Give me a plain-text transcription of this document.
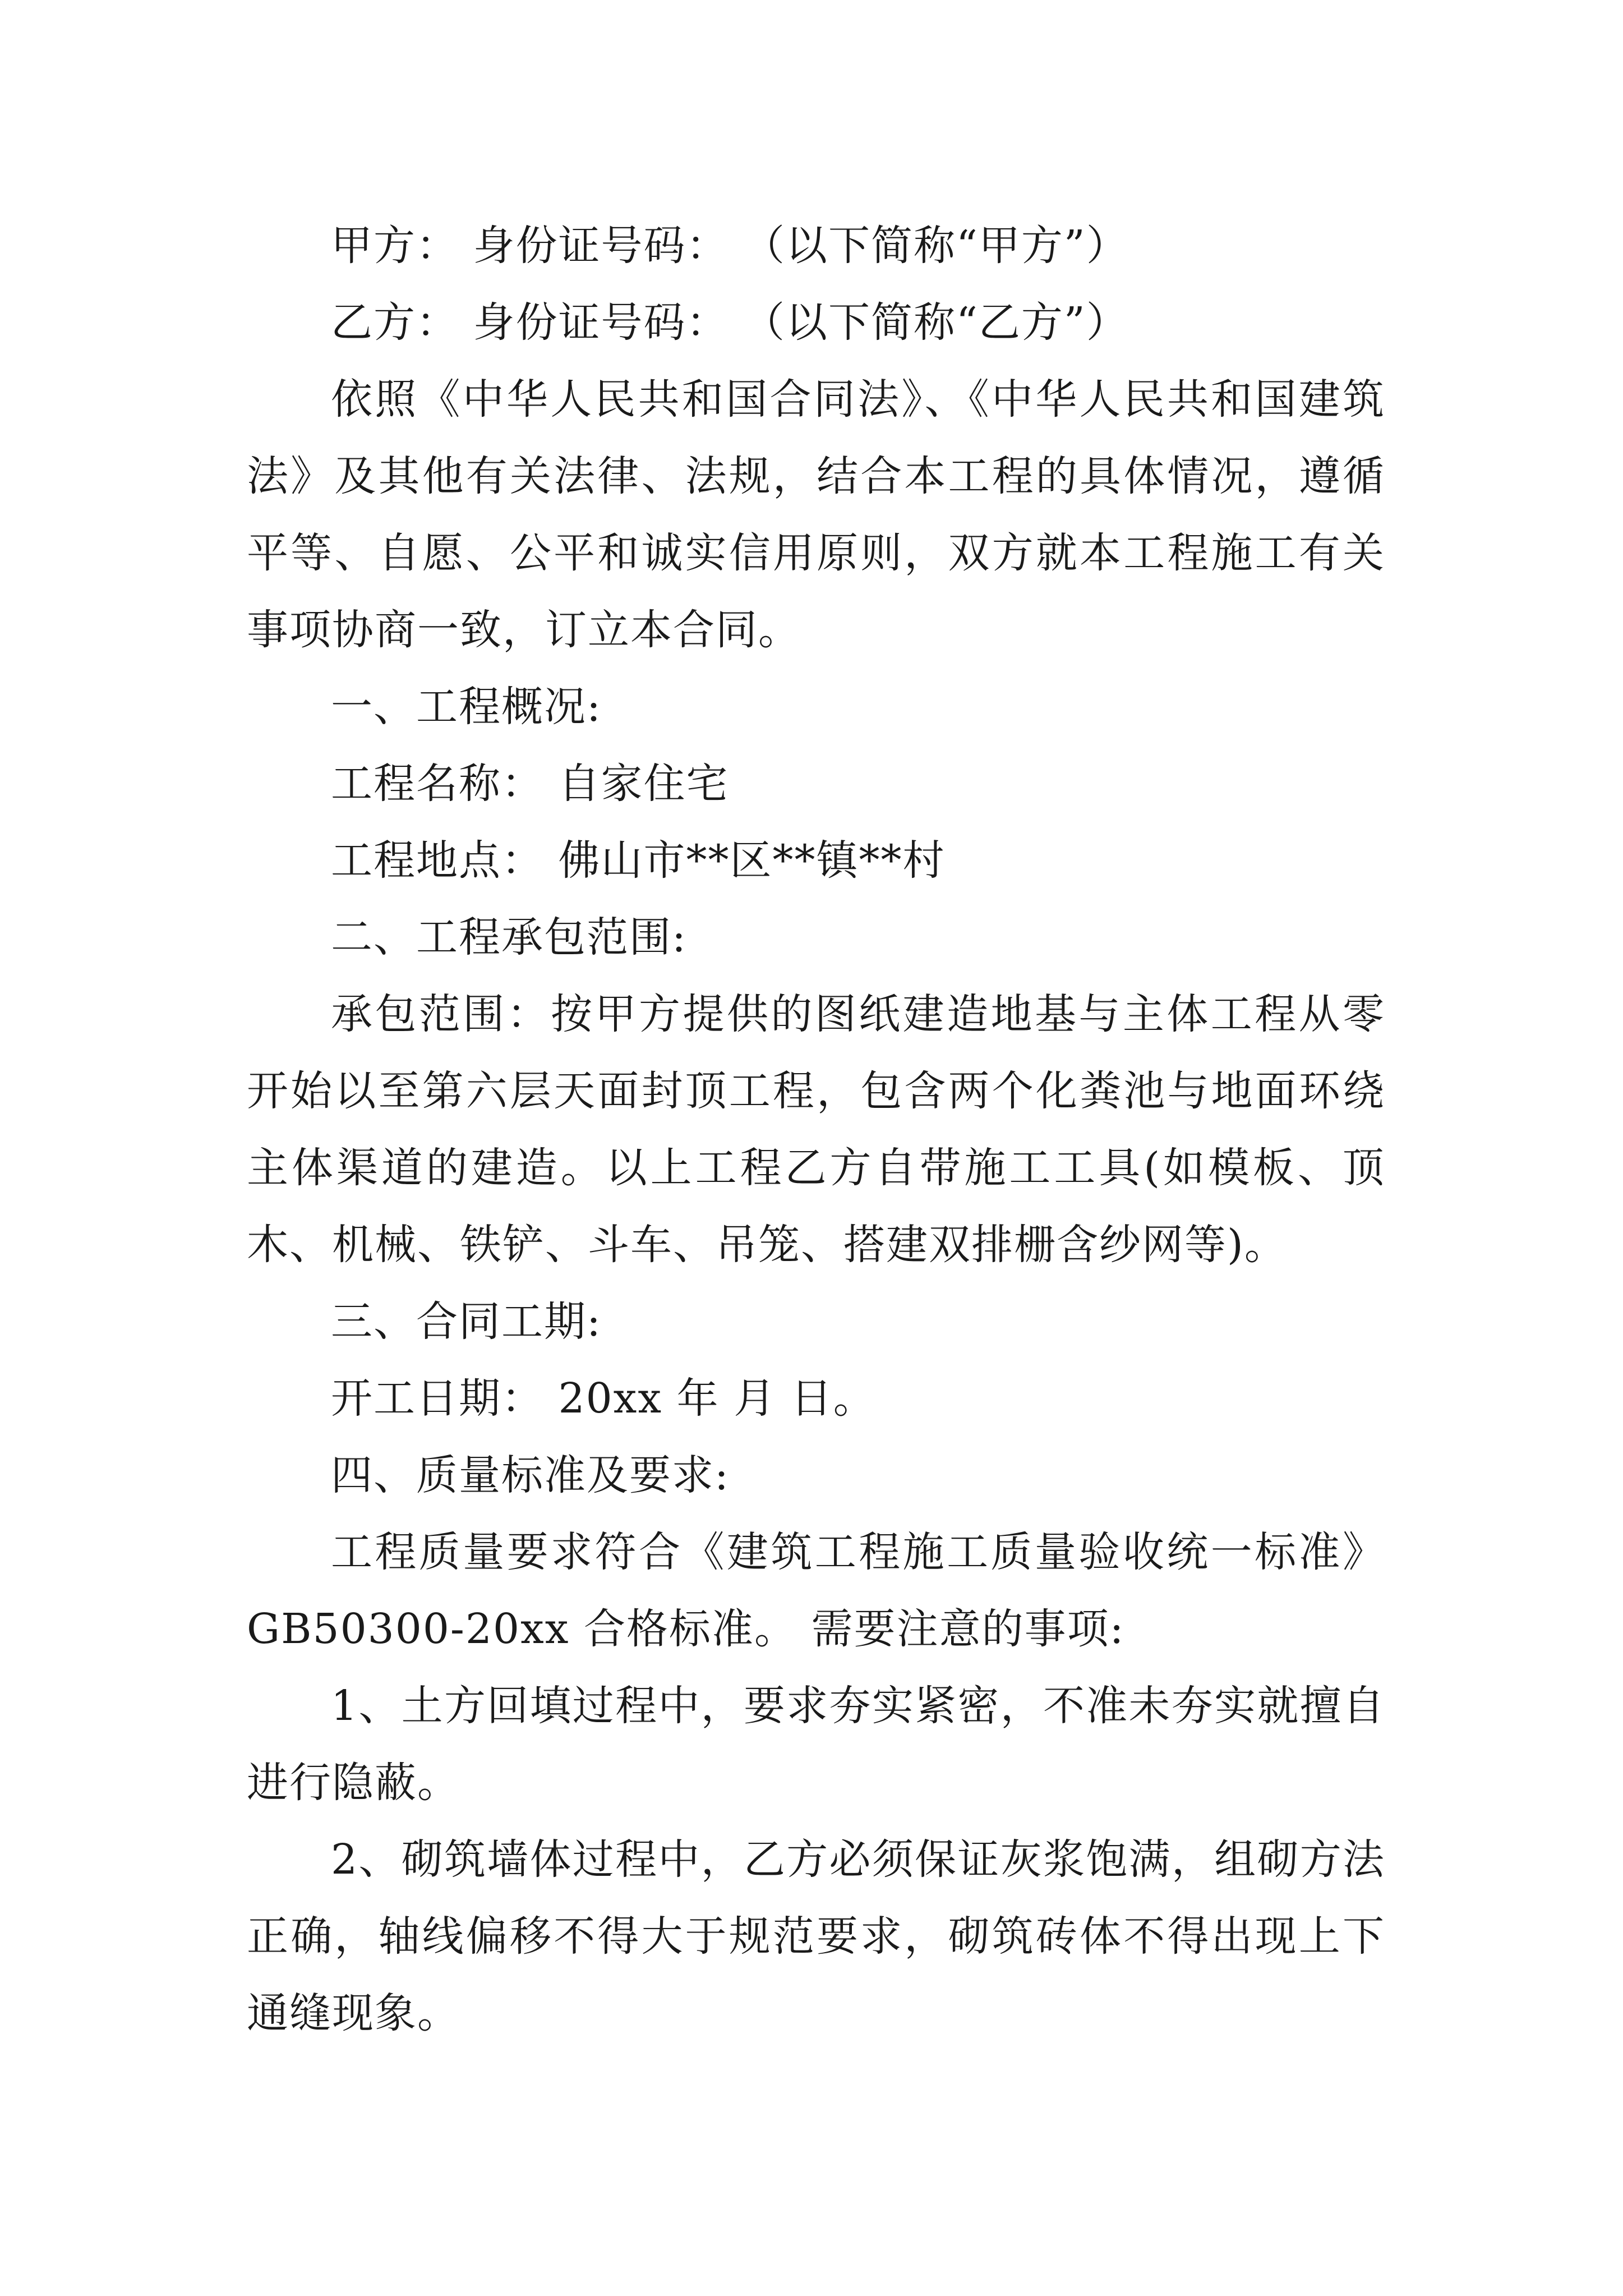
甲方： 身份证号码： （以下简称“甲方”）

乙方： 身份证号码： （以下简称“乙方”）

依照《中华人民共和国合同法》、《中华人民共和国建筑法》及其他有关法律、法规，结合本工程的具体情况，遵循平等、自愿、公平和诚实信用原则，双方就本工程施工有关事项协商一致，订立本合同。

一、工程概况:

工程名称： 自家住宅

工程地点： 佛山市**区**镇**村

二、工程承包范围:

承包范围：按甲方提供的图纸建造地基与主体工程从零开始以至第六层天面封顶工程，包含两个化粪池与地面环绕主体渠道的建造。以上工程乙方自带施工工具(如模板、顶木、机械、铁铲、斗车、吊笼、搭建双排栅含纱网等)。

三、合同工期:

开工日期： 20xx 年 月 日。

四、质量标准及要求:

工程质量要求符合《建筑工程施工质量验收统一标准》GB50300-20xx 合格标准。 需要注意的事项:

1、土方回填过程中，要求夯实紧密，不准未夯实就擅自进行隐蔽。

2、砌筑墙体过程中，乙方必须保证灰浆饱满，组砌方法正确，轴线偏移不得大于规范要求，砌筑砖体不得出现上下通缝现象。
